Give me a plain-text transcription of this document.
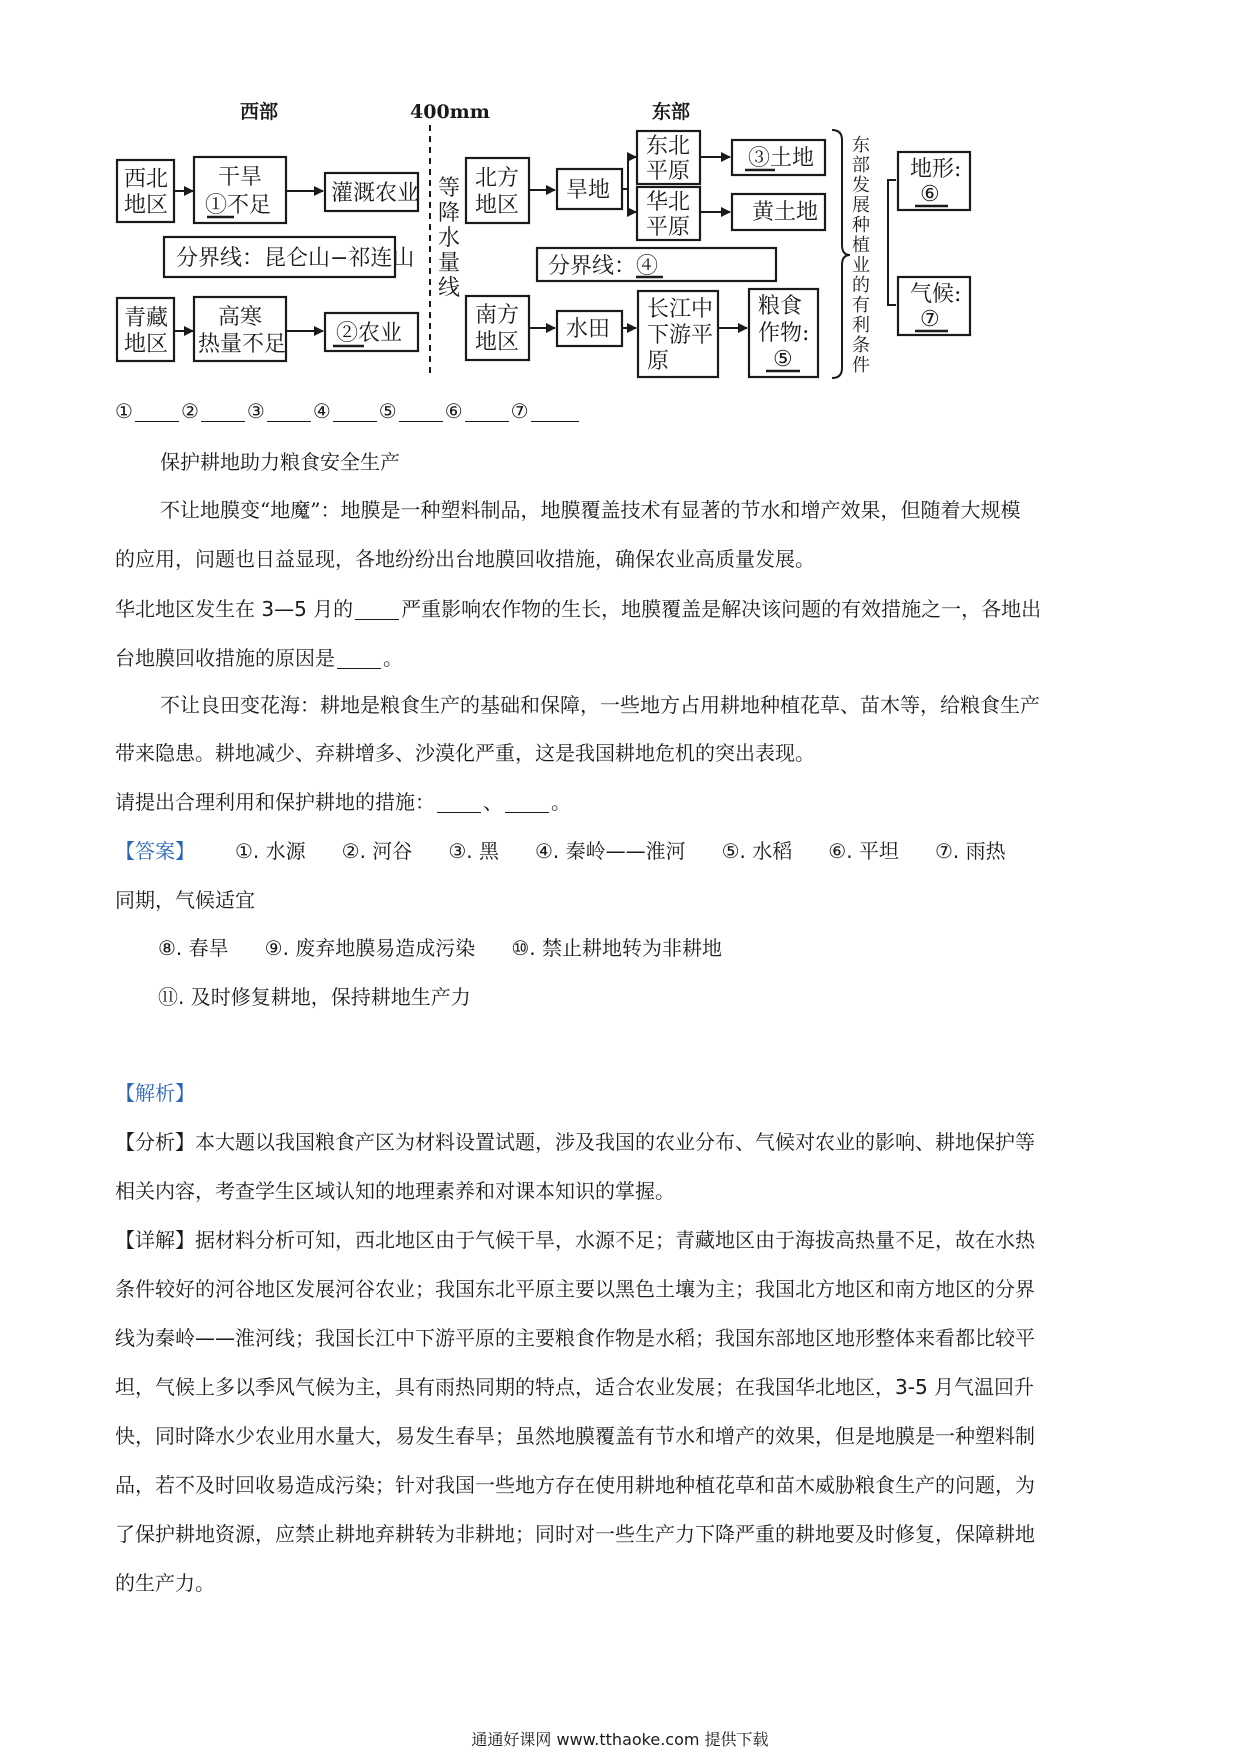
西部	400mm	东部
等
降
水
量
线
西北
地区
干旱
①不足	灌溉农业
分界线：昆仑山−祁连山
青藏
地区
高寒
热量不足 ②农业
北方
地区
旱地
东北
平原
③土地
华北
平原
黄土地
分界线：④
南方
地区
水田
长江中
下游平
原
粮食
作物:
⑤
东
部
发
展
种
植
业
的
有
利
条
件
地形:
⑥
气候:
⑦
① ② ③ ④ ⑤ ⑥ ⑦
保护耕地助力粮食安全生产
不让地膜变“地魔”：地膜是一种塑料制品，地膜覆盖技术有显著的节水和增产效果，但随着大规模
的应用，问题也日益显现，各地纷纷出台地膜回收措施，确保农业高质量发展。
华北地区发生在 3—5 月的 严重影响农作物的生长，地膜覆盖是解决该问题的有效措施之一，各地出
台地膜回收措施的原因是 。
不让良田变花海：耕地是粮食生产的基础和保障，一些地方占用耕地种植花草、苗木等，给粮食生产
带来隐患。耕地减少、弃耕增多、沙漠化严重，这是我国耕地危机的突出表现。
请提出合理利用和保护耕地的措施： 、 。
【答案】 ①. 水源 ②. 河谷 ③. 黑 ④. 秦岭——淮河 ⑤. 水稻 ⑥. 平坦 ⑦. 雨热
同期，气候适宜
⑧. 春旱 ⑨. 废弃地膜易造成污染 ⑩. 禁止耕地转为非耕地
⑪. 及时修复耕地，保持耕地生产力
【解析】
【分析】本大题以我国粮食产区为材料设置试题，涉及我国的农业分布、气候对农业的影响、耕地保护等
相关内容，考查学生区域认知的地理素养和对课本知识的掌握。
【详解】据材料分析可知，西北地区由于气候干旱，水源不足；青藏地区由于海拔高热量不足，故在水热
条件较好的河谷地区发展河谷农业；我国东北平原主要以黑色土壤为主；我国北方地区和南方地区的分界
线为秦岭——淮河线；我国长江中下游平原的主要粮食作物是水稻；我国东部地区地形整体来看都比较平
坦，气候上多以季风气候为主，具有雨热同期的特点，适合农业发展；在我国华北地区，3-5 月气温回升
快，同时降水少农业用水量大，易发生春旱；虽然地膜覆盖有节水和增产的效果，但是地膜是一种塑料制
品，若不及时回收易造成污染；针对我国一些地方存在使用耕地种植花草和苗木威胁粮食生产的问题，为
了保护耕地资源，应禁止耕地弃耕转为非耕地；同时对一些生产力下降严重的耕地要及时修复，保障耕地
的生产力。
通通好课网 www.tthaoke.com 提供下载
